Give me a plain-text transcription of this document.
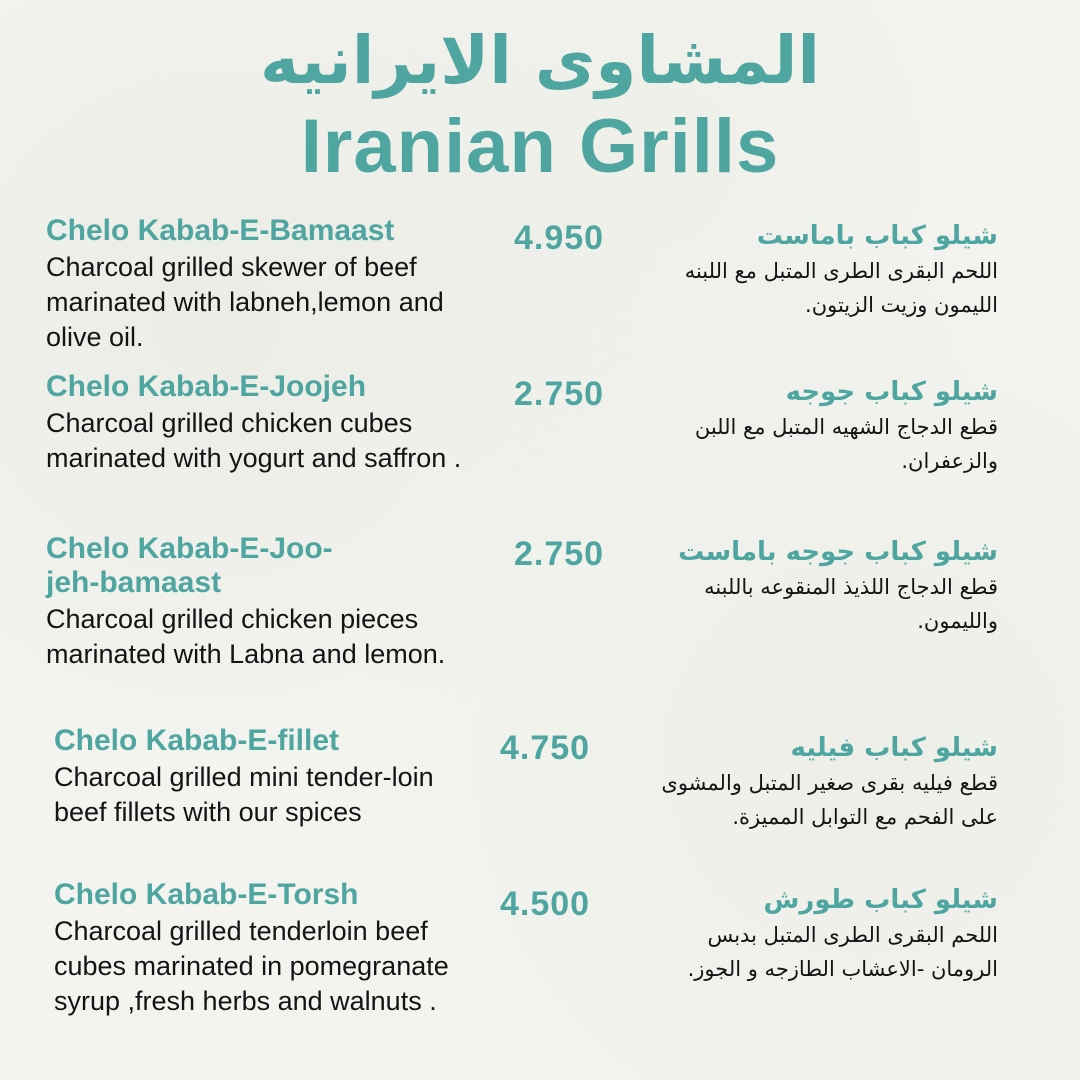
المشاوى الايرانيه
Iranian Grills
Chelo Kabab-E-Bamaast
Charcoal grilled skewer of beef marinated with labneh,lemon and olive oil.
4.950	شيلو كباب باماست
اللحم البقرى الطرى المتبل مع اللبنه الليمون وزيت الزيتون.
Chelo Kabab-E-Joojeh
Charcoal grilled chicken cubes marinated with yogurt and saffron .
2.750	شيلو كباب جوجه
قطع الدجاج الشهيه المتبل مع اللبن والزعفران.
Chelo Kabab-E-Joo-jeh-bamaast
Charcoal grilled chicken pieces marinated with Labna and lemon.
2.750	شيلو كباب جوجه باماست
قطع الدجاج اللذيذ المنقوعه باللبنه والليمون.
Chelo Kabab-E-fillet
Charcoal grilled mini tender-loin beef fillets with our spices
4.750	شيلو كباب فيليه
قطع فيليه بقرى صغير المتبل والمشوى على الفحم مع التوابل المميزة.
Chelo Kabab-E-Torsh
Charcoal grilled tenderloin beef cubes marinated in pomegranate syrup ,fresh herbs and walnuts .
4.500	شيلو كباب طورش
اللحم البقرى الطرى المتبل بدبس الرومان -الاعشاب الطازجه و الجوز.
